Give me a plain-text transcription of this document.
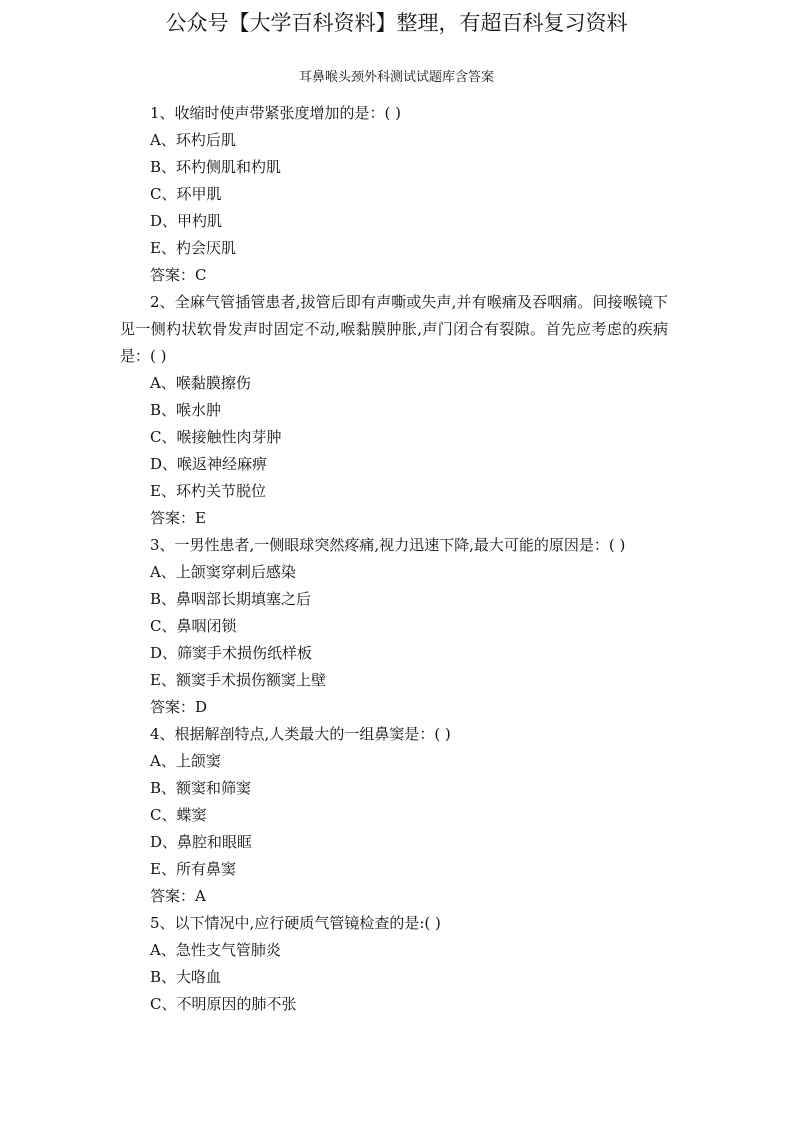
公众号【大学百科资料】整理，有超百科复习资料
耳鼻喉头颈外科测试试题库含答案

1、收缩时使声带紧张度增加的是：( )

A、环杓后肌

B、环杓侧肌和杓肌

C、环甲肌

D、甲杓肌

E、杓会厌肌

答案：C

2、全麻气管插管患者,拔管后即有声嘶或失声,并有喉痛及吞咽痛。间接喉镜下见一侧杓状软骨发声时固定不动,喉黏膜肿胀,声门闭合有裂隙。首先应考虑的疾病是：( )

A、喉黏膜擦伤

B、喉水肿

C、喉接触性肉芽肿

D、喉返神经麻痹

E、环杓关节脱位

答案：E

3、一男性患者,一侧眼球突然疼痛,视力迅速下降,最大可能的原因是：( )

A、上颌窦穿刺后感染

B、鼻咽部长期填塞之后

C、鼻咽闭锁

D、筛窦手术损伤纸样板

E、额窦手术损伤额窦上壁

答案：D

4、根据解剖特点,人类最大的一组鼻窦是：( )

A、上颌窦

B、额窦和筛窦

C、蝶窦

D、鼻腔和眼眶

E、所有鼻窦

答案：A

5、以下情况中,应行硬质气管镜检查的是:( )

A、急性支气管肺炎

B、大咯血

C、不明原因的肺不张
